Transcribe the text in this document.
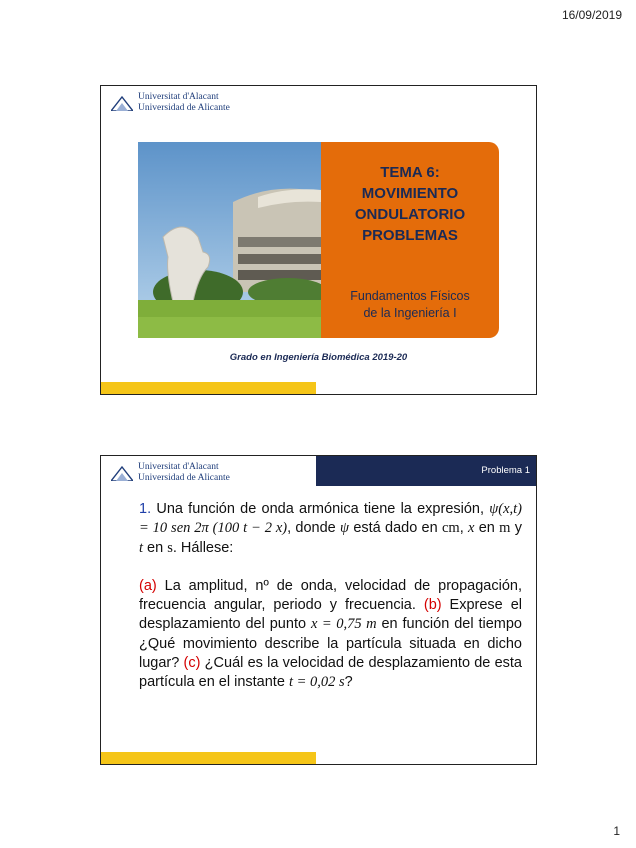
16/09/2019
Universitat d'Alacant
Universidad de Alicante
TEMA 6:
MOVIMIENTO
ONDULATORIO
PROBLEMAS
Fundamentos Físicos
de la Ingeniería I
Grado en Ingeniería Biomédica 2019-20
Universitat d'Alacant
Universidad de Alicante
Problema 1
1. Una función de onda armónica tiene la expresión, ψ(x,t) = 10 sen 2π (100 t − 2 x), donde ψ está dado en cm, x en m y t en s. Hállese:
(a) La amplitud, nº de onda, velocidad de propagación, frecuencia angular, periodo y frecuencia. (b) Exprese el desplazamiento del punto x = 0,75 m en función del tiempo ¿Qué movimiento describe la partícula situada en dicho lugar? (c) ¿Cuál es la velocidad de desplazamiento de esta partícula en el instante t = 0,02 s?
1
